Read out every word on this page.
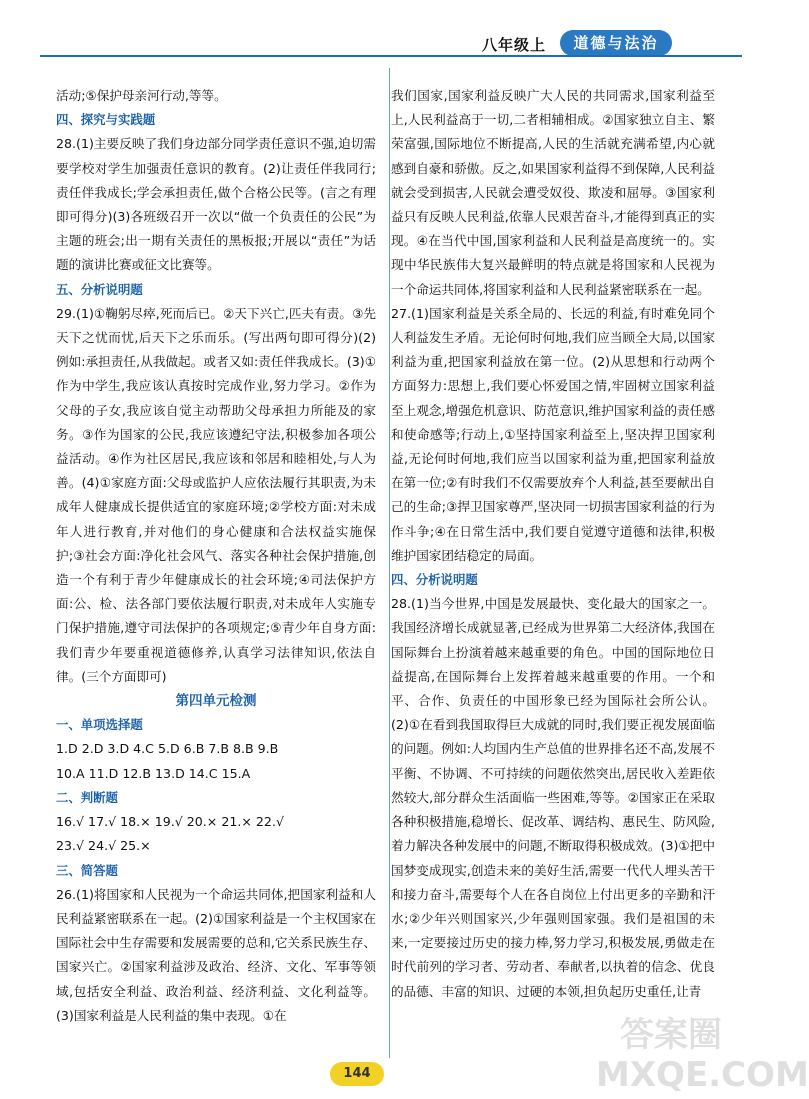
八年级上	道德与法治

活动;⑤保护母亲河行动,等等。

四、探究与实践题

28.(1)主要反映了我们身边部分同学责任意识不强,迫切需要学校对学生加强责任意识的教育。(2)让责任伴我同行;责任伴我成长;学会承担责任,做个合格公民等。(言之有理即可得分)(3)各班级召开一次以“做一个负责任的公民”为主题的班会;出一期有关责任的黑板报;开展以“责任”为话题的演讲比赛或征文比赛等。

五、分析说明题

29.(1)①鞠躬尽瘁,死而后已。②天下兴亡,匹夫有责。③先天下之忧而忧,后天下之乐而乐。(写出两句即可得分)(2)例如:承担责任,从我做起。或者又如:责任伴我成长。(3)①作为中学生,我应该认真按时完成作业,努力学习。②作为父母的子女,我应该自觉主动帮助父母承担力所能及的家务。③作为国家的公民,我应该遵纪守法,积极参加各项公益活动。④作为社区居民,我应该和邻居和睦相处,与人为善。(4)①家庭方面:父母或监护人应依法履行其职责,为未成年人健康成长提供适宜的家庭环境;②学校方面:对未成年人进行教育,并对他们的身心健康和合法权益实施保护;③社会方面:净化社会风气、落实各种社会保护措施,创造一个有利于青少年健康成长的社会环境;④司法保护方面:公、检、法各部门要依法履行职责,对未成年人实施专门保护措施,遵守司法保护的各项规定;⑤青少年自身方面:我们青少年要重视道德修养,认真学习法律知识,依法自律。(三个方面即可)

第四单元检测

一、单项选择题

1.D 2.D 3.D 4.C 5.D 6.B 7.B 8.B 9.B

10.A 11.D 12.B 13.D 14.C 15.A

二、判断题

16.√ 17.√ 18.× 19.√ 20.× 21.× 22.√

23.√ 24.√ 25.×

三、简答题

26.(1)将国家和人民视为一个命运共同体,把国家利益和人民利益紧密联系在一起。(2)①国家利益是一个主权国家在国际社会中生存需要和发展需要的总和,它关系民族生存、国家兴亡。②国家利益涉及政治、经济、文化、军事等领域,包括安全利益、政治利益、经济利益、文化利益等。(3)国家利益是人民利益的集中表现。①在

我们国家,国家利益反映广大人民的共同需求,国家利益至上,人民利益高于一切,二者相辅相成。②国家独立自主、繁荣富强,国际地位不断提高,人民的生活就充满希望,内心就感到自豪和骄傲。反之,如果国家利益得不到保障,人民利益就会受到损害,人民就会遭受奴役、欺凌和屈辱。③国家利益只有反映人民利益,依靠人民艰苦奋斗,才能得到真正的实现。④在当代中国,国家利益和人民利益是高度统一的。实现中华民族伟大复兴最鲜明的特点就是将国家和人民视为一个命运共同体,将国家利益和人民利益紧密联系在一起。

27.(1)国家利益是关系全局的、长远的利益,有时难免同个人利益发生矛盾。无论何时何地,我们应当顾全大局,以国家利益为重,把国家利益放在第一位。(2)从思想和行动两个方面努力:思想上,我们要心怀爱国之情,牢固树立国家利益至上观念,增强危机意识、防范意识,维护国家利益的责任感和使命感等;行动上,①坚持国家利益至上,坚决捍卫国家利益,无论何时何地,我们应当以国家利益为重,把国家利益放在第一位;②有时我们不仅需要放弃个人利益,甚至要献出自己的生命;③捍卫国家尊严,坚决同一切损害国家利益的行为作斗争;④在日常生活中,我们要自觉遵守道德和法律,积极维护国家团结稳定的局面。

四、分析说明题

28.(1)当今世界,中国是发展最快、变化最大的国家之一。我国经济增长成就显著,已经成为世界第二大经济体,我国在国际舞台上扮演着越来越重要的角色。中国的国际地位日益提高,在国际舞台上发挥着越来越重要的作用。一个和平、合作、负责任的中国形象已经为国际社会所公认。(2)①在看到我国取得巨大成就的同时,我们要正视发展面临的问题。例如:人均国内生产总值的世界排名还不高,发展不平衡、不协调、不可持续的问题依然突出,居民收入差距依然较大,部分群众生活面临一些困难,等等。②国家正在采取各种积极措施,稳增长、促改革、调结构、惠民生、防风险,着力解决各种发展中的问题,不断取得积极成效。(3)①把中国梦变成现实,创造未来的美好生活,需要一代代人埋头苦干和接力奋斗,需要每个人在各自岗位上付出更多的辛勤和汗水;②少年兴则国家兴,少年强则国家强。我们是祖国的未来,一定要接过历史的接力棒,努力学习,积极发展,勇做走在时代前列的学习者、劳动者、奉献者,以执着的信念、优良的品德、丰富的知识、过硬的本领,担负起历史重任,让青

144
答案圈 MXQE.COM
